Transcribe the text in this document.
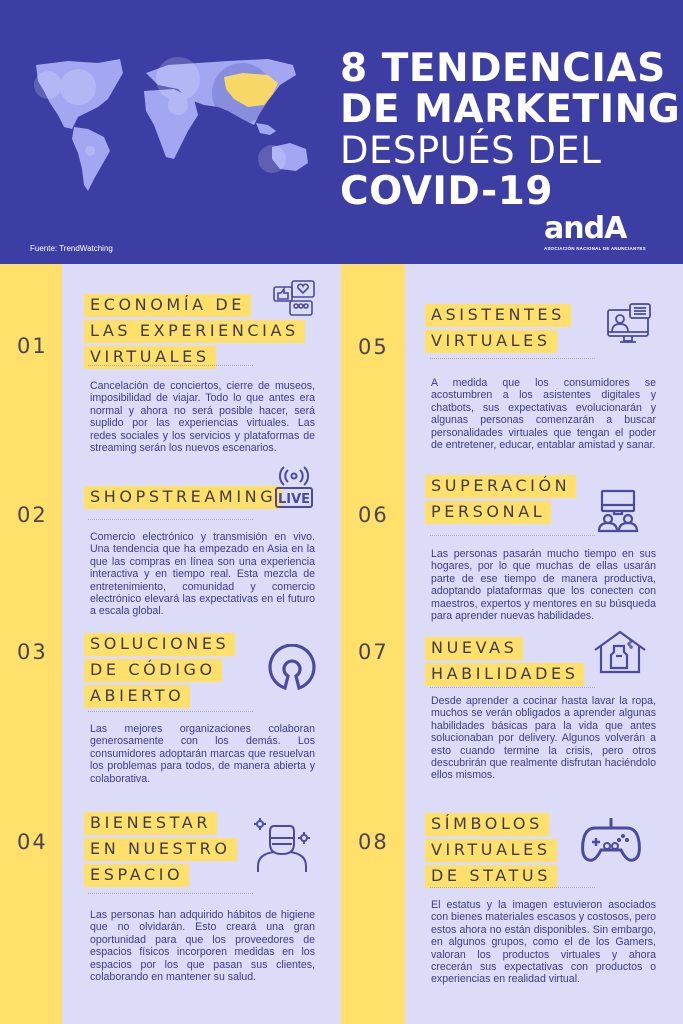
8 TENDENCIAS
DE MARKETING
DESPUÉS DEL
COVID-19
Fuente: TrendWatching
andA
ASOCIACIÓN NACIONAL DE ANUNCIANTES
01
ECONOMÍA DE
LAS EXPERIENCIAS
VIRTUALES
Cancelación de conciertos, cierre de museos, imposibilidad de viajar. Todo lo que antes era normal y ahora no será posible hacer, será suplido por las experiencias virtuales. Las redes sociales y los servicios y plataformas de streaming serán los nuevos escenarios.
02
SHOPSTREAMING LIVE
Comercio electrónico y transmisión en vivo. Una tendencia que ha empezado en Asia en la que las compras en línea son una experiencia interactiva y en tiempo real. Esta mezcla de entretenimiento, comunidad y comercio electrónico elevará las expectativas en el futuro a escala global.
03	SOLUCIONES
DE CÓDIGO
ABIERTO
Las mejores organizaciones colaboran generosamente con los demás. Los consumidores adoptarán marcas que resuelvan los problemas para todos, de manera abierta y colaborativa.
04
BIENESTAR
EN NUESTRO
ESPACIO
Las personas han adquirido hábitos de higiene que no olvidarán. Esto creará una gran oportunidad para que los proveedores de espacios físicos incorporen medidas en los espacios por los que pasan sus clientes, colaborando en mantener su salud.
05
ASISTENTES
VIRTUALES
A medida que los consumidores se acostumbren a los asistentes digitales y chatbots, sus expectativas evolucionarán y algunas personas comenzarán a buscar personalidades virtuales que tengan el poder de entretener, educar, entablar amistad y sanar.
06
SUPERACIÓN
PERSONAL
Las personas pasarán mucho tiempo en sus hogares, por lo que muchas de ellas usarán parte de ese tiempo de manera productiva, adoptando plataformas que los conecten con maestros, expertos y mentores en su búsqueda para aprender nuevas habilidades.
07	NUEVAS
HABILIDADES
Desde aprender a cocinar hasta lavar la ropa, muchos se verán obligados a aprender algunas habilidades básicas para la vida que antes solucionaban por delivery. Algunos volverán a esto cuando termine la crisis, pero otros descubrirán que realmente disfrutan haciéndolo ellos mismos.
08
SÍMBOLOS
VIRTUALES
DE STATUS
El estatus y la imagen estuvieron asociados con bienes materiales escasos y costosos, pero estos ahora no están disponibles. Sin embargo, en algunos grupos, como el de los Gamers, valoran los productos virtuales y ahora crecerán sus expectativas con productos o experiencias en realidad virtual.
